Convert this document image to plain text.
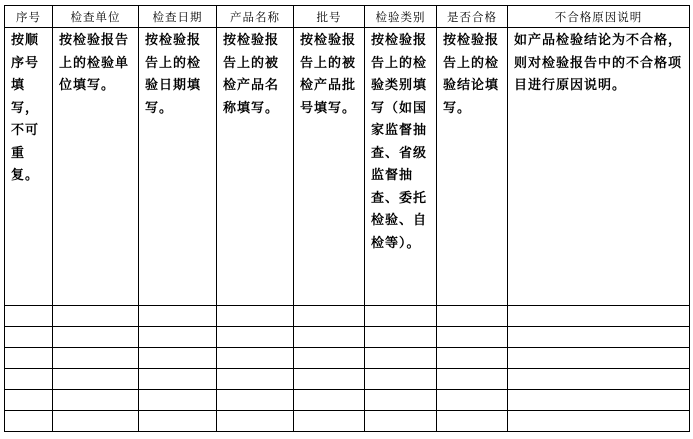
序号	检查单位	检查日期	产品名称	批号	检验类别	是否合格	不合格原因说明
按顺序号填写，不可重复。	按检验报告上的检验单位填写。	按检验报告上的检验日期填写。	按检验报告上的被检产品名称填写。	按检验报告上的被检产品批号填写。	按检验报告上的检验类别填写（如国家监督抽查、省级监督抽查、委托检验、自检等）。	按检验报告上的检验结论填写。	如产品检验结论为不合格，则对检验报告中的不合格项目进行原因说明。
